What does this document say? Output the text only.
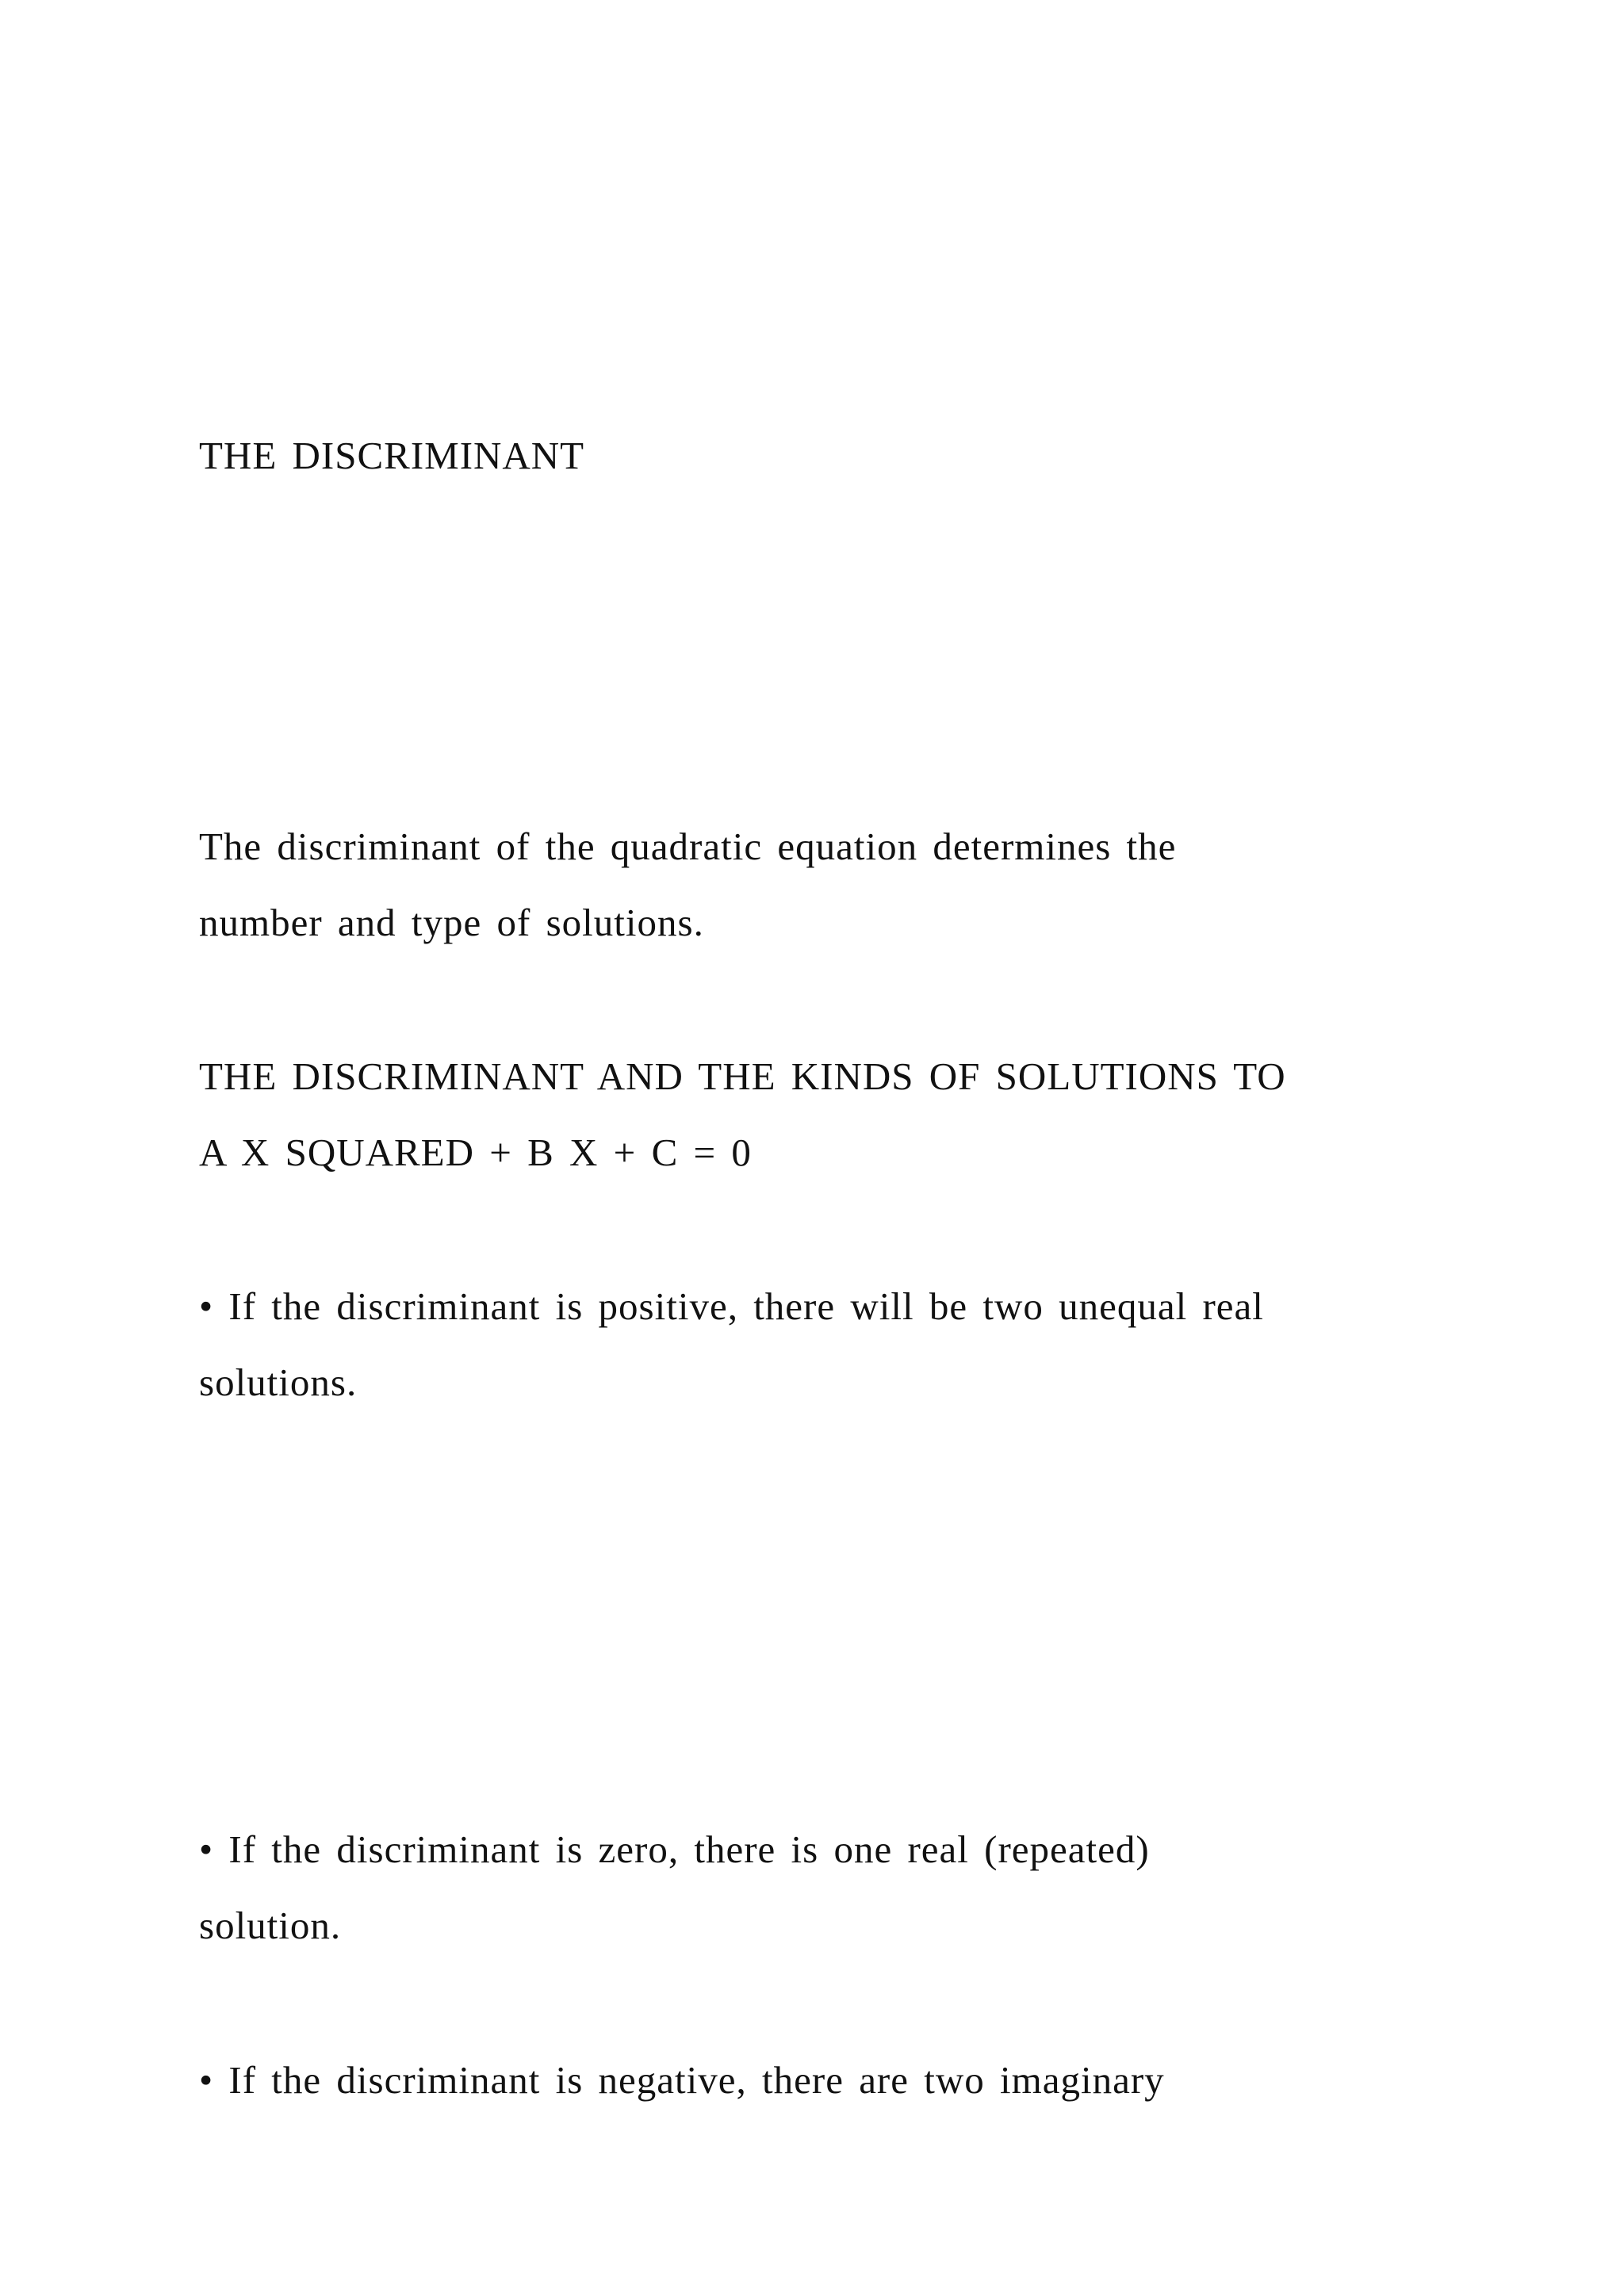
THE DISCRIMINANT

The discriminant of the quadratic equation determines the

number and type of solutions.

THE DISCRIMINANT AND THE KINDS OF SOLUTIONS TO

A X SQUARED + B X + C = 0

• If the discriminant is positive, there will be two unequal real

solutions.

• If the discriminant is zero, there is one real (repeated)

solution.

• If the discriminant is negative, there are two imaginary
